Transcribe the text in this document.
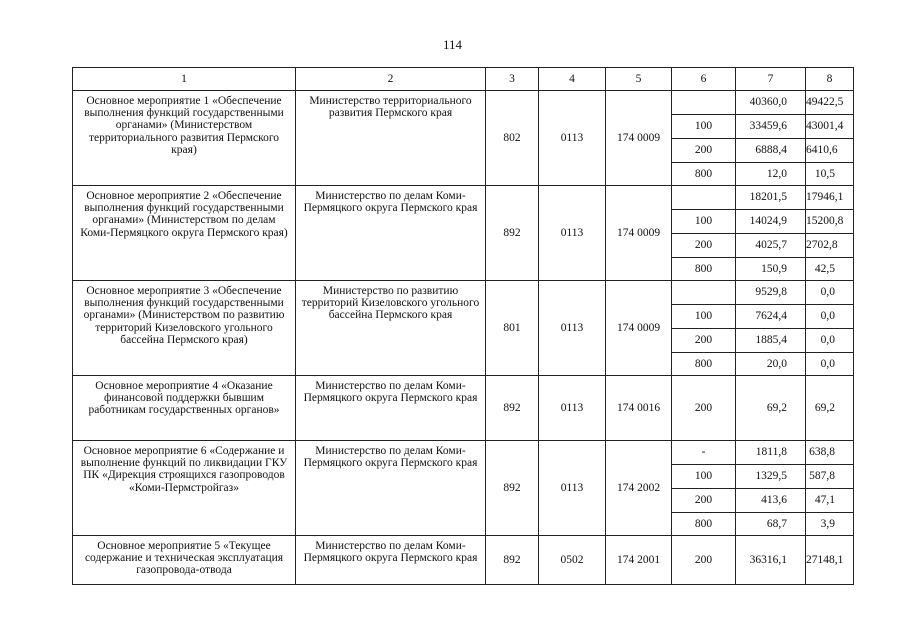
114
1	2	3	4	5	6	7	8
Основное мероприятие 1 «Обеспечение выполнения функций государственными органами» (Министерством территориального развития Пермского края)	Министерство территориального развития Пермского края	802	0113	174 0009		40360,0	49422,5
					100	33459,6	43001,4
					200	6888,4	6410,6
					800	12,0	10,5
Основное мероприятие 2 «Обеспечение выполнения функций государственными органами» (Министерством по делам Коми-Пермяцкого округа Пермского края)	Министерство по делам Коми-Пермяцкого округа Пермского края	892	0113	174 0009		18201,5	17946,1
					100	14024,9	15200,8
					200	4025,7	2702,8
					800	150,9	42,5
Основное мероприятие 3 «Обеспечение выполнения функций государственными органами» (Министерством по развитию территорий Кизеловского угольного бассейна Пермского края)	Министерство по развитию территорий Кизеловского угольного бассейна Пермского края	801	0113	174 0009		9529,8	0,0
					100	7624,4	0,0
					200	1885,4	0,0
					800	20,0	0,0
Основное мероприятие 4 «Оказание финансовой поддержки бывшим работникам государственных органов»	Министерство по делам Коми-Пермяцкого округа Пермского края	892	0113	174 0016	200	69,2	69,2
Основное мероприятие 6 «Содержание и выполнение функций по ликвидации ГКУ ПК «Дирекция строящихся газопроводов «Коми-Пермстройгаз»	Министерство по делам Коми-Пермяцкого округа Пермского края	892	0113	174 2002	-	1811,8	638,8
					100	1329,5	587,8
					200	413,6	47,1
					800	68,7	3,9
Основное мероприятие 5 «Текущее содержание и техническая эксплуатация газопровода-отвода	Министерство по делам Коми-Пермяцкого округа Пермского края	892	0502	174 2001	200	36316,1	27148,1
